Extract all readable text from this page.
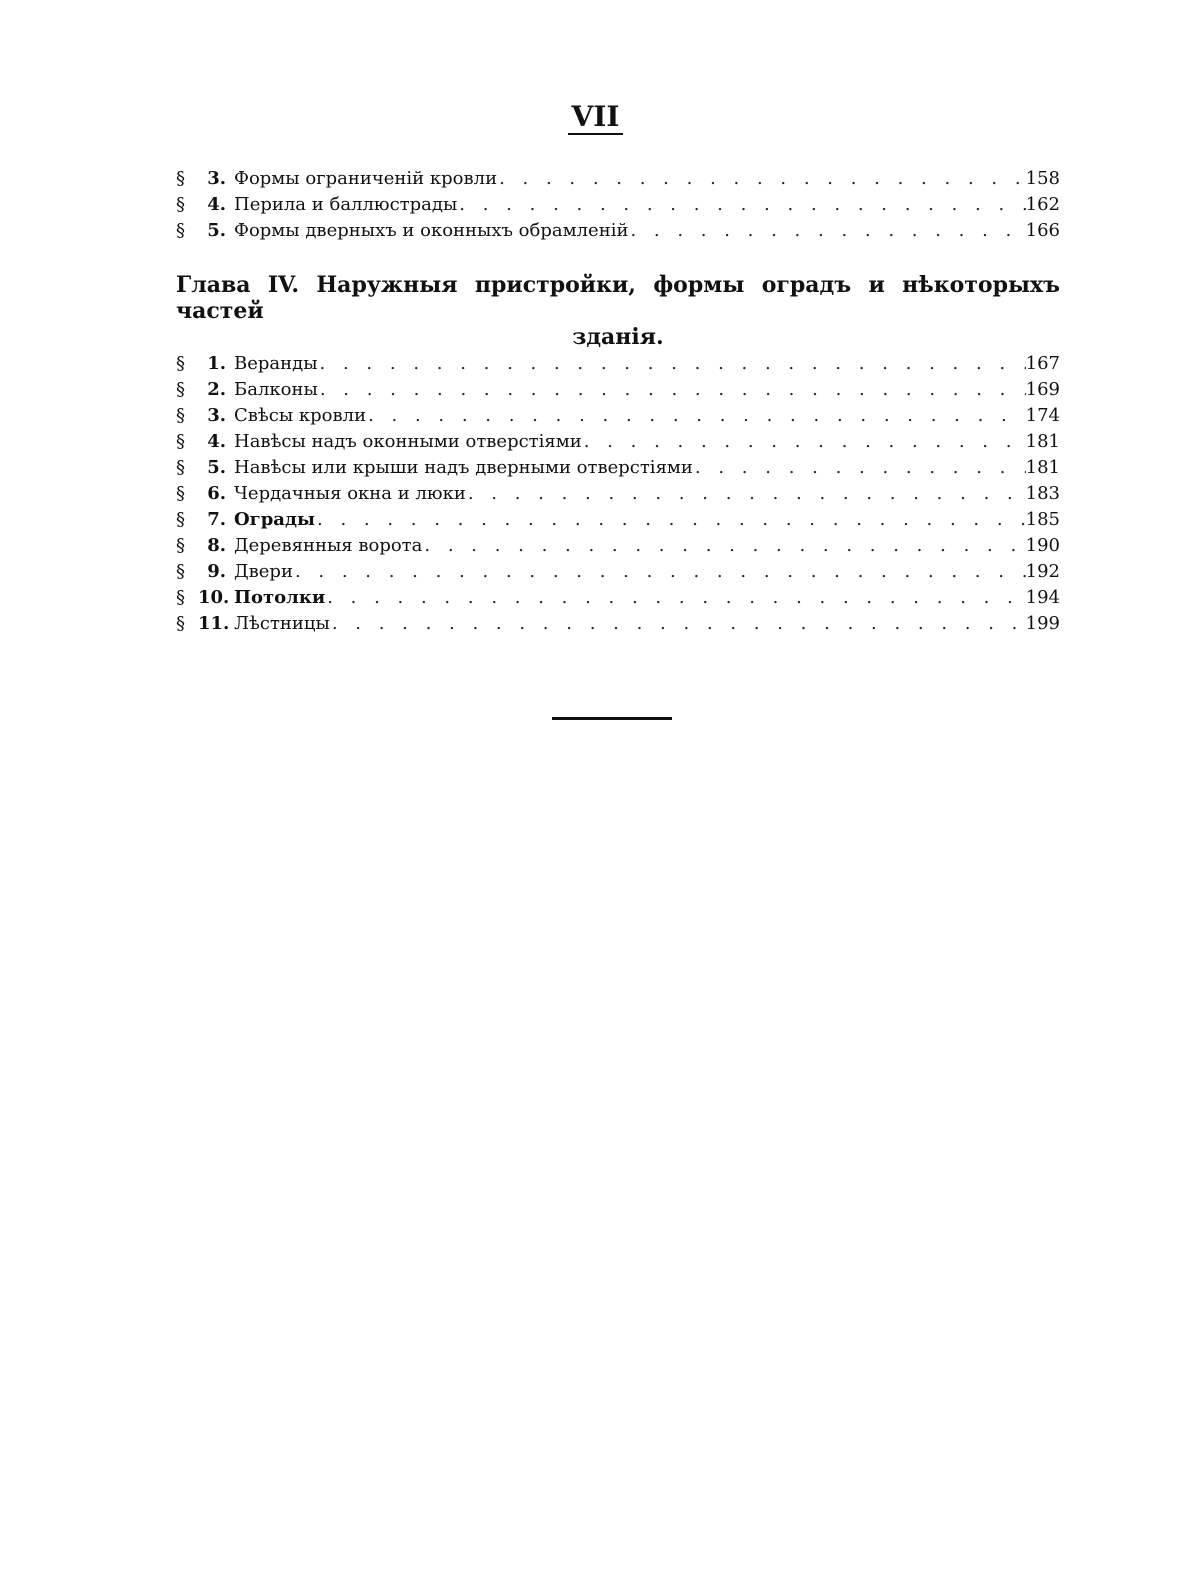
VII
§	3. Формы ограниченій кровли . . .	158
§	4. Перила и баллюстрады . . .	162
§	5. Формы дверныхъ и оконныхъ обрамленій . . .	166
Глава IV. Наружныя пристройки, формы оградъ и нѣкоторыхъ частей
зданія.
§	1. Веранды . . .	167
§	2. Балконы . . .	169
§	3. Свѣсы кровли . . .	174
§	4. Навѣсы надъ оконными отверстіями . . .	181
§	5. Навѣсы или крыши надъ дверными отверстіями . . .	181
§	6. Чердачныя окна и люки . . .	183
§	7. Ограды . . .	185
§	8. Деревянныя ворота . . .	190
§	9. Двери . . .	192
§ 10. Потолки . . .	194
§ 11. Лѣстницы . . .	199
